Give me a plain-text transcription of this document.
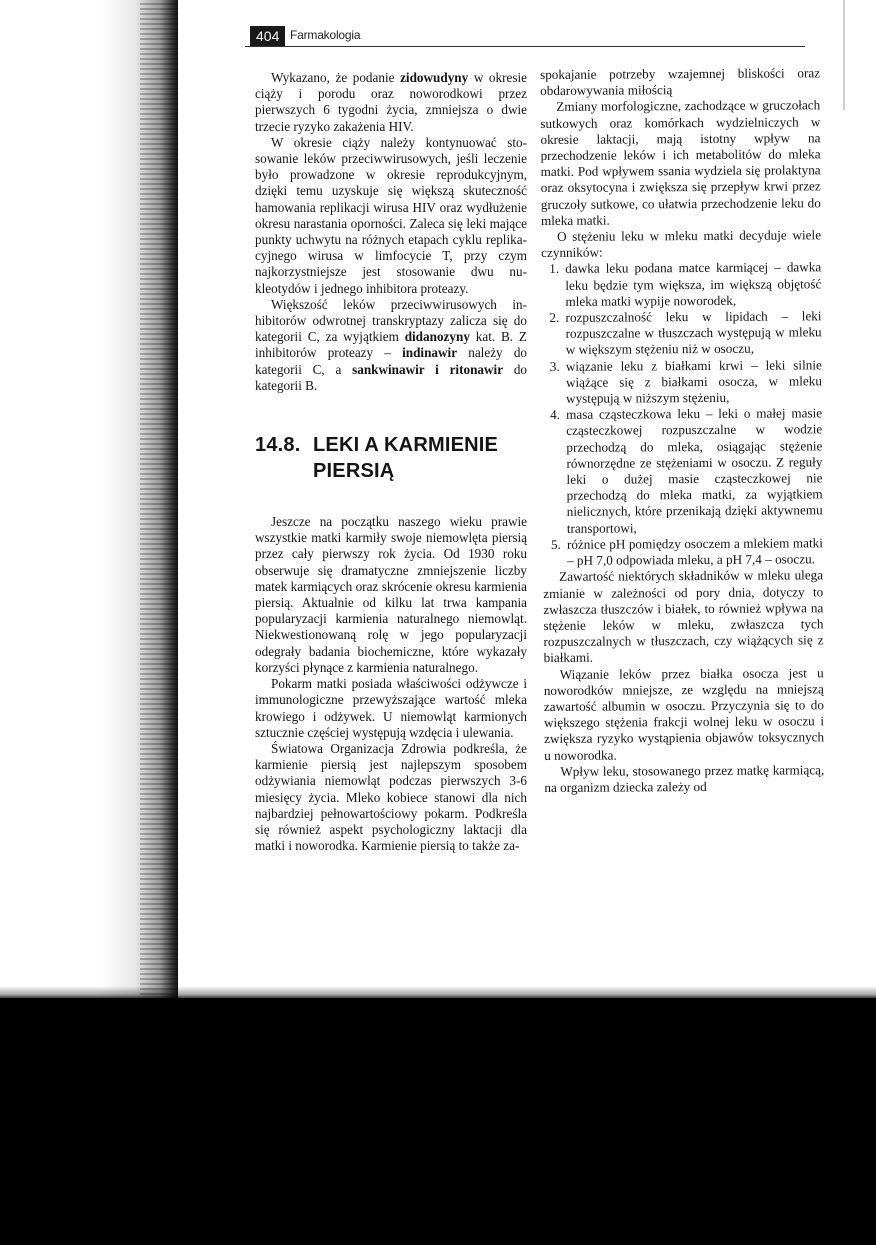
404 Farmakologia

Wykazano, że podanie zidowudyny w okresie ciąży i porodu oraz noworodkowi przez pierwszych 6 tygodni życia, zmniejsza o dwie trzecie ryzyko zakażenia HIV.

W okresie ciąży należy kontynuować stosowanie leków przeciwwirusowych, jeśli leczenie było prowadzone w okresie reprodukcyjnym, dzięki temu uzyskuje się większą skuteczność hamowania replikacji wirusa HIV oraz wydłużenie okresu narastania oporności. Zaleca się leki mające punkty uchwytu na różnych etapach cyklu replikacyjnego wirusa w limfocycie T, przy czym najkorzystniejsze jest stosowanie dwu nukleotydów i jednego inhibitora proteazy.

Większość leków przeciwwirusowych inhibitorów odwrotnej transkryptazy zalicza się do kategorii C, za wyjątkiem didanozyny kat. B. Z inhibitorów proteazy – indinawir należy do kategorii C, a sankwinawir i ritonawir do kategorii B.

14.8. LEKI A KARMIENIE
PIERSIĄ

Jeszcze na początku naszego wieku prawie wszystkie matki karmiły swoje niemowlęta piersią przez cały pierwszy rok życia. Od 1930 roku obserwuje się dramatyczne zmniejszenie liczby matek karmiących oraz skrócenie okresu karmienia piersią. Aktualnie od kilku lat trwa kampania popularyzacji karmienia naturalnego niemowląt. Niekwestionowaną rolę w jego popularyzacji odegrały badania biochemiczne, które wykazały korzyści płynące z karmienia naturalnego.

Pokarm matki posiada właściwości odżywcze i immunologiczne przewyższające wartość mleka krowiego i odżywek. U niemowląt karmionych sztucznie częściej występują wzdęcia i ulewania.

Światowa Organizacja Zdrowia podkreśla, że karmienie piersią jest najlepszym sposobem odżywiania niemowląt podczas pierwszych 3-6 miesięcy życia. Mleko kobiece stanowi dla nich najbardziej pełnowartościowy pokarm. Podkreśla się również aspekt psychologiczny laktacji dla matki i noworodka. Karmienie piersią to także za-

spokajanie potrzeby wzajemnej bliskości oraz obdarowywania miłością

Zmiany morfologiczne, zachodzące w gruczołach sutkowych oraz komórkach wydzielniczych w okresie laktacji, mają istotny wpływ na przechodzenie leków i ich metabolitów do mleka matki. Pod wpływem ssania wydziela się prolaktyna oraz oksytocyna i zwiększa się przepływ krwi przez gruczoły sutkowe, co ułatwia przechodzenie leku do mleka matki.

O stężeniu leku w mleku matki decyduje wiele czynników:

1. dawka leku podana matce karmiącej – dawka leku będzie tym większa, im większą objętość mleka matki wypije noworodek,
2. rozpuszczalność leku w lipidach – leki rozpuszczalne w tłuszczach występują w mleku w większym stężeniu niż w osoczu,
3. wiązanie leku z białkami krwi – leki silnie wiążące się z białkami osocza, w mleku występują w niższym stężeniu,
4. masa cząsteczkowa leku – leki o małej masie cząsteczkowej rozpuszczalne w wodzie przechodzą do mleka, osiągając stężenie równorzędne ze stężeniami w osoczu. Z reguły leki o dużej masie cząsteczkowej nie przechodzą do mleka matki, za wyjątkiem nielicznych, które przenikają dzięki aktywnemu transportowi,
5. różnice pH pomiędzy osoczem a mlekiem matki – pH 7,0 odpowiada mleku, a pH 7,4 – osoczu.

Zawartość niektórych składników w mleku ulega zmianie w zależności od pory dnia, dotyczy to zwłaszcza tłuszczów i białek, to również wpływa na stężenie leków w mleku, zwłaszcza tych rozpuszczalnych w tłuszczach, czy wiążących się z białkami.

Wiązanie leków przez białka osocza jest u noworodków mniejsze, ze względu na mniejszą zawartość albumin w osoczu. Przyczynia się to do większego stężenia frakcji wolnej leku w osoczu i zwiększa ryzyko wystąpienia objawów toksycznych u noworodka.

Wpływ leku, stosowanego przez matkę karmiącą, na organizm dziecka zależy od
